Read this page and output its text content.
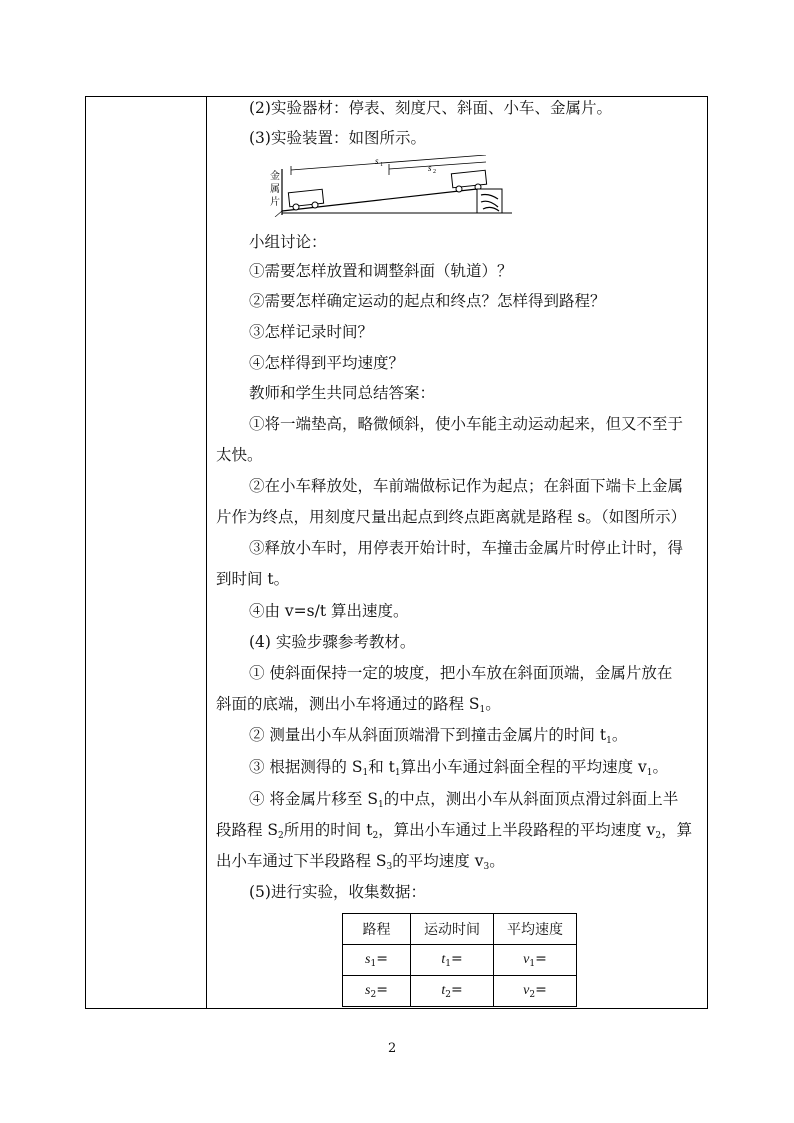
(2)实验器材：停表、刻度尺、斜面、小车、金属片。
(3)实验装置：如图所示。
金
属
片
s 1	s 2
小组讨论：
①需要怎样放置和调整斜面（轨道）？
②需要怎样确定运动的起点和终点？怎样得到路程？
③怎样记录时间？
④怎样得到平均速度？
教师和学生共同总结答案：
①将一端垫高，略微倾斜，使小车能主动运动起来，但又不至于
太快。
②在小车释放处，车前端做标记作为起点；在斜面下端卡上金属
片作为终点，用刻度尺量出起点到终点距离就是路程 s。（如图所示）
③释放小车时，用停表开始计时，车撞击金属片时停止计时，得
到时间 t。
④由 v=s/t 算出速度。
(4) 实验步骤参考教材。
① 使斜面保持一定的坡度，把小车放在斜面顶端，金属片放在
斜面的底端，测出小车将通过的路程 $S_1$。
② 测量出小车从斜面顶端滑下到撞击金属片的时间 $t_1$。
③ 根据测得的 $S_1$和 $t_1$算出小车通过斜面全程的平均速度 $v_1$。
④ 将金属片移至 $S_1$的中点，测出小车从斜面顶点滑过斜面上半
段路程 $S_2$所用的时间 $t_2$，算出小车通过上半段路程的平均速度 $v_2$，算
出小车通过下半段路程 $S_3$的平均速度 $v_3$。
(5)进行实验，收集数据：
路程	运动时间	平均速度
$s_1=$	$t_1=$	$v_1=$
$s_2=$	$t_2=$	$v_2=$
2
